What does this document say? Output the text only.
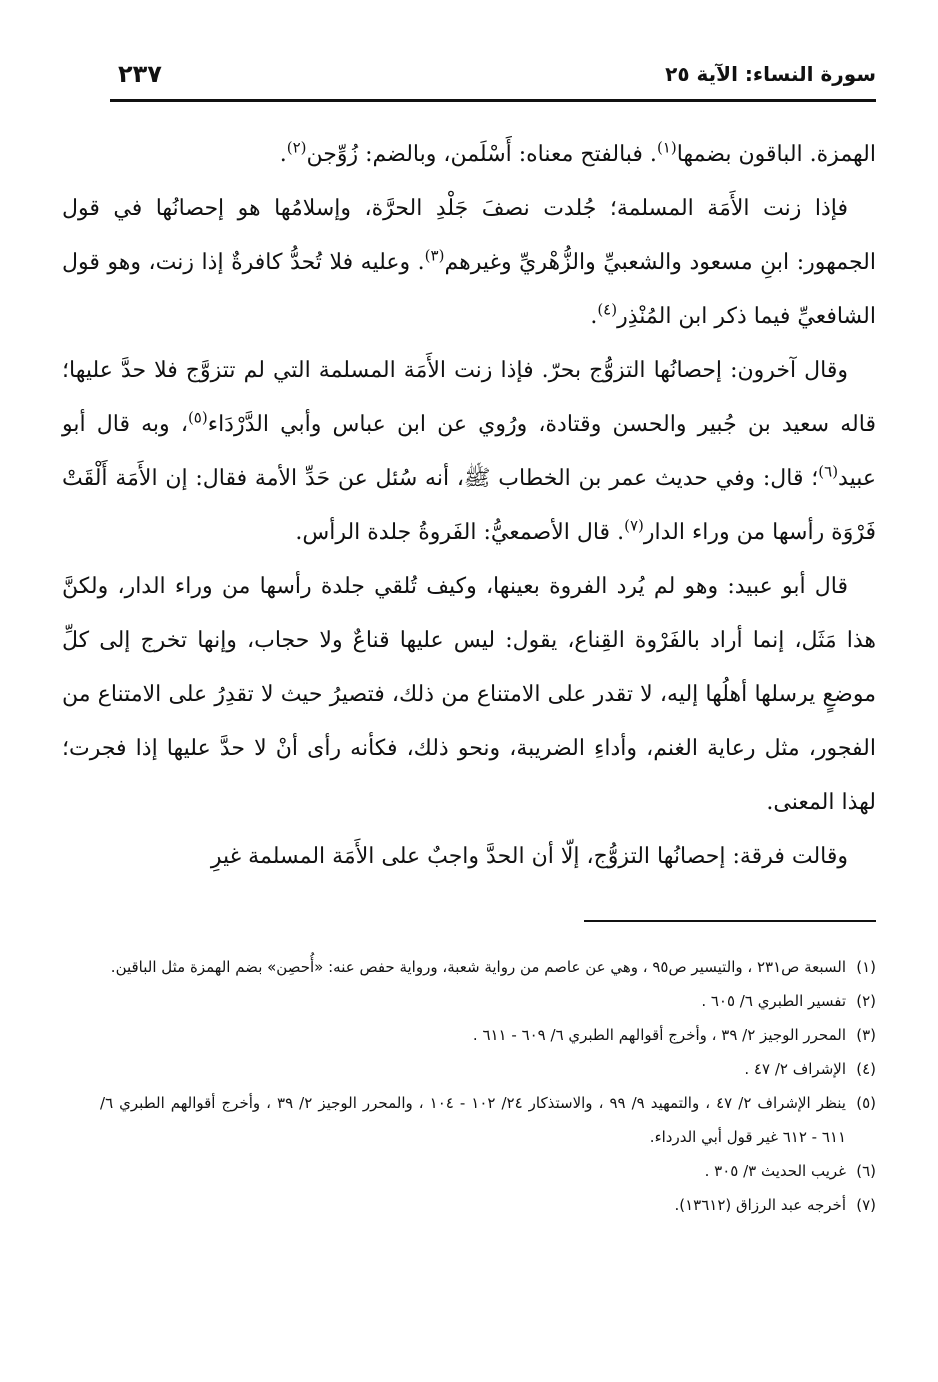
سورة النساء: الآية ٢٥
٢٣٧

الهمزة. الباقون بضمها$^{(١)}$. فبالفتح معناه: أَسْلَمن، وبالضم: زُوِّجن$^{(٢)}$.

فإذا زنت الأَمَة المسلمة؛ جُلدت نصفَ جَلْدِ الحرَّة، وإسلامُها هو إحصانُها في قول الجمهور: ابنِ مسعود والشعبيِّ والزُّهْريِّ وغيرهم$^{(٣)}$. وعليه فلا تُحدُّ كافرةٌ إذا زنت، وهو قول الشافعيِّ فيما ذكر ابن المُنْذِر$^{(٤)}$.

وقال آخرون: إحصانُها التزوُّج بحرّ. فإذا زنت الأَمَة المسلمة التي لم تتزوَّج فلا حدَّ عليها؛ قاله سعيد بن جُبير والحسن وقتادة، ورُوي عن ابن عباس وأبي الدَّرْدَاء$^{(٥)}$، وبه قال أبو عبيد$^{(٦)}$؛ قال: وفي حديث عمر بن الخطاب ﷺ، أنه سُئل عن حَدِّ الأمة فقال: إن الأَمَة أَلْقَتْ فَرْوَة رأسها من وراء الدار$^{(٧)}$. قال الأصمعيُّ: الفَروةُ جلدة الرأس.

قال أبو عبيد: وهو لم يُرد الفروة بعينها، وكيف تُلقي جلدة رأسها من وراء الدار، ولكنَّ هذا مَثَل، إنما أراد بالفَرْوة القِناع، يقول: ليس عليها قناعٌ ولا حجاب، وإنها تخرج إلى كلِّ موضعٍ يرسلها أهلُها إليه، لا تقدر على الامتناع من ذلك، فتصيرُ حيث لا تقدِرُ على الامتناع من الفجور، مثل رعاية الغنم، وأداءِ الضريبة، ونحو ذلك، فكأنه رأى أنْ لا حدَّ عليها إذا فجرت؛ لهذا المعنى.

وقالت فرقة: إحصانُها التزوُّج، إلّا أن الحدَّ واجبٌ على الأَمَة المسلمة غيرِ

(١)
السبعة ص٢٣١ ، والتيسير ص٩٥ ، وهي عن عاصم من رواية شعبة، ورواية حفص عنه: «أُحصِن» بضم الهمزة مثل الباقين.

(٢)
تفسير الطبري ٦/ ٦٠٥ .

(٣)
المحرر الوجيز ٢/ ٣٩ ، وأخرج أقوالهم الطبري ٦/ ٦٠٩ - ٦١١ .

(٤)
الإشراف ٢/ ٤٧ .

(٥)
ينظر الإشراف ٢/ ٤٧ ، والتمهيد ٩/ ٩٩ ، والاستذكار ٢٤/ ١٠٢ - ١٠٤ ، والمحرر الوجيز ٢/ ٣٩ ، وأخرج أقوالهم الطبري ٦/ ٦١١ - ٦١٢ غير قول أبي الدرداء.

(٦)
غريب الحديث ٣/ ٣٠٥ .

(٧)
أخرجه عبد الرزاق (١٣٦١٢).
